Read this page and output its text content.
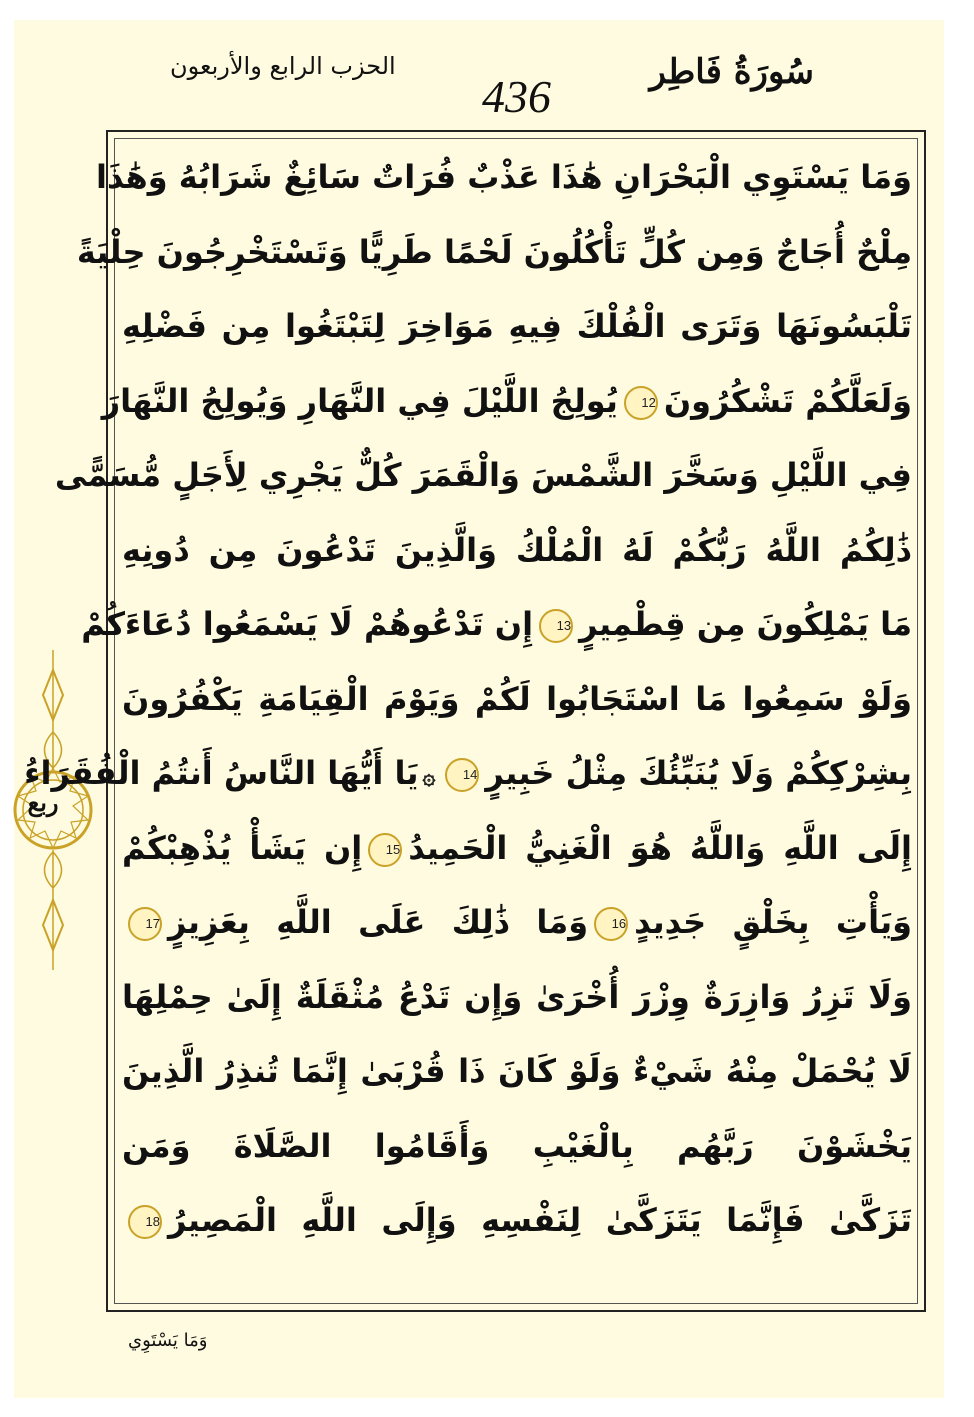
سُورَةُ فَاطِر
436
الحزب الرابع والأربعون
ربع
وَمَا يَسْتَوِي الْبَحْرَانِ هَٰذَا عَذْبٌ فُرَاتٌ سَائِغٌ شَرَابُهُ وَهَٰذَا
مِلْحٌ أُجَاجٌ وَمِن كُلٍّ تَأْكُلُونَ لَحْمًا طَرِيًّا وَتَسْتَخْرِجُونَ حِلْيَةً
تَلْبَسُونَهَا وَتَرَى الْفُلْكَ فِيهِ مَوَاخِرَ لِتَبْتَغُوا مِن فَضْلِهِ
وَلَعَلَّكُمْ تَشْكُرُونَ12يُولِجُ اللَّيْلَ فِي النَّهَارِ وَيُولِجُ النَّهَارَ
فِي اللَّيْلِ وَسَخَّرَ الشَّمْسَ وَالْقَمَرَ كُلٌّ يَجْرِي لِأَجَلٍ مُّسَمًّى
ذَٰلِكُمُ اللَّهُ رَبُّكُمْ لَهُ الْمُلْكُ وَالَّذِينَ تَدْعُونَ مِن دُونِهِ
مَا يَمْلِكُونَ مِن قِطْمِيرٍ13إِن تَدْعُوهُمْ لَا يَسْمَعُوا دُعَاءَكُمْ
وَلَوْ سَمِعُوا مَا اسْتَجَابُوا لَكُمْ وَيَوْمَ الْقِيَامَةِ يَكْفُرُونَ
بِشِرْكِكُمْ وَلَا يُنَبِّئُكَ مِثْلُ خَبِيرٍ14۞يَا أَيُّهَا النَّاسُ أَنتُمُ الْفُقَرَاءُ
إِلَى اللَّهِ وَاللَّهُ هُوَ الْغَنِيُّ الْحَمِيدُ15إِن يَشَأْ يُذْهِبْكُمْ
وَيَأْتِ بِخَلْقٍ جَدِيدٍ16وَمَا ذَٰلِكَ عَلَى اللَّهِ بِعَزِيزٍ17
وَلَا تَزِرُ وَازِرَةٌ وِزْرَ أُخْرَىٰ وَإِن تَدْعُ مُثْقَلَةٌ إِلَىٰ حِمْلِهَا
لَا يُحْمَلْ مِنْهُ شَيْءٌ وَلَوْ كَانَ ذَا قُرْبَىٰ إِنَّمَا تُنذِرُ الَّذِينَ
يَخْشَوْنَ رَبَّهُم بِالْغَيْبِ وَأَقَامُوا الصَّلَاةَ وَمَن
تَزَكَّىٰ فَإِنَّمَا يَتَزَكَّىٰ لِنَفْسِهِ وَإِلَى اللَّهِ الْمَصِيرُ18
وَمَا يَسْتَوِي
